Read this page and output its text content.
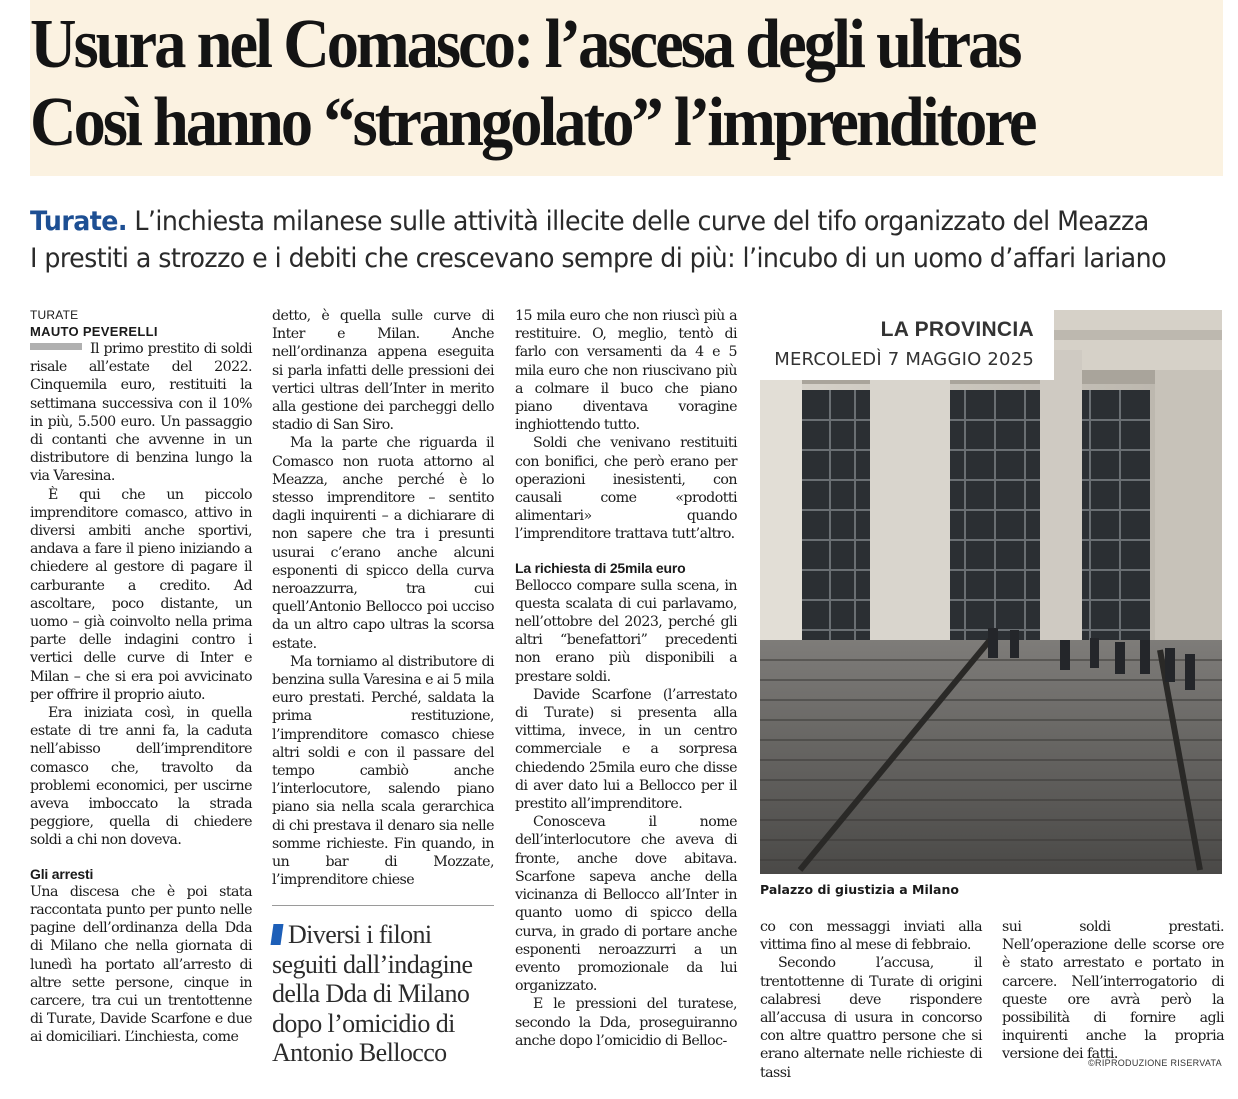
Usura nel Comasco: l’ascesa degli ultras
Così hanno “strangolato” l’imprenditore
Turate. L’inchiesta milanese sulle attività illecite delle curve del tifo organizzato del Meazza
I prestiti a strozzo e i debiti che crescevano sempre di più: l’incubo di un uomo d’affari lariano
TURATE
MAUTO PEVERELLI

Il primo prestito di soldi risale all’estate del 2022. Cinquemila euro, restituiti la settimana successiva con il 10% in più, 5.500 euro. Un passaggio di contanti che avvenne in un distributore di benzina lungo la via Varesina.

È qui che un piccolo imprenditore comasco, attivo in diversi ambiti anche sportivi, andava a fare il pieno iniziando a chiedere al gestore di pagare il carburante a credito. Ad ascoltare, poco distante, un uomo – già coinvolto nella prima parte delle indagini contro i vertici delle curve di Inter e Milan – che si era poi avvicinato per offrire il proprio aiuto.

Era iniziata così, in quella estate di tre anni fa, la caduta nell’abisso dell’imprenditore comasco che, travolto da problemi economici, per uscirne aveva imboccato la strada peggiore, quella di chiedere soldi a chi non doveva.

Gli arresti

Una discesa che è poi stata raccontata punto per punto nelle pagine dell’ordinanza della Dda di Milano che nella giornata di lunedì ha portato all’arresto di altre sette persone, cinque in carcere, tra cui un trentottenne di Turate, Davide Scarfone e due ai domiciliari. L’inchiesta, come

detto, è quella sulle curve di Inter e Milan. Anche nell’ordinanza appena eseguita si parla infatti delle pressioni dei vertici ultras dell’Inter in merito alla gestione dei parcheggi dello stadio di San Siro.

Ma la parte che riguarda il Comasco non ruota attorno al Meazza, anche perché è lo stesso imprenditore – sentito dagli inquirenti – a dichiarare di non sapere che tra i presunti usurai c’erano anche alcuni esponenti di spicco della curva neroazzurra, tra cui quell’Antonio Bellocco poi ucciso da un altro capo ultras la scorsa estate.

Ma torniamo al distributore di benzina sulla Varesina e ai 5 mila euro prestati. Perché, saldata la prima restituzione, l’imprenditore comasco chiese altri soldi e con il passare del tempo cambiò anche l’interlocutore, salendo piano piano sia nella scala gerarchica di chi prestava il denaro sia nelle somme richieste. Fin quando, in un bar di Mozzate, l’imprenditore chiese

Diversi i filoni seguiti dall’indagine della Dda di Milano dopo l’omicidio di Antonio Bellocco

15 mila euro che non riuscì più a restituire. O, meglio, tentò di farlo con versamenti da 4 e 5 mila euro che non riuscivano più a colmare il buco che piano piano diventava voragine inghiottendo tutto.

Soldi che venivano restituiti con bonifici, che però erano per operazioni inesistenti, con causali come «prodotti alimentari» quando l’imprenditore trattava tutt’altro.

La richiesta di 25mila euro

Bellocco compare sulla scena, in questa scalata di cui parlavamo, nell’ottobre del 2023, perché gli altri “benefattori” precedenti non erano più disponibili a prestare soldi.

Davide Scarfone (l’arrestato di Turate) si presenta alla vittima, invece, in un centro commerciale e a sorpresa chiedendo 25mila euro che disse di aver dato lui a Bellocco per il prestito all’imprenditore.

Conosceva il nome dell’interlocutore che aveva di fronte, anche dove abitava. Scarfone sapeva anche della vicinanza di Bellocco all’Inter in quanto uomo di spicco della curva, in grado di portare anche esponenti neroazzurri a un evento promozionale da lui organizzato.

E le pressioni del turatese, secondo la Dda, proseguiranno anche dopo l’omicidio di Belloc-

LA PROVINCIA
MERCOLEDÌ 7 MAGGIO 2025
Palazzo di giustizia a Milano

co con messaggi inviati alla vittima fino al mese di febbraio.

Secondo l’accusa, il trentottenne di Turate di origini calabresi deve rispondere all’accusa di usura in concorso con altre quattro persone che si erano alternate nelle richieste di tassi

sui soldi prestati. Nell’operazione delle scorse ore è stato arrestato e portato in carcere. Nell’interrogatorio di queste ore avrà però la possibilità di fornire agli inquirenti anche la propria versione dei fatti.

©RIPRODUZIONE RISERVATA
